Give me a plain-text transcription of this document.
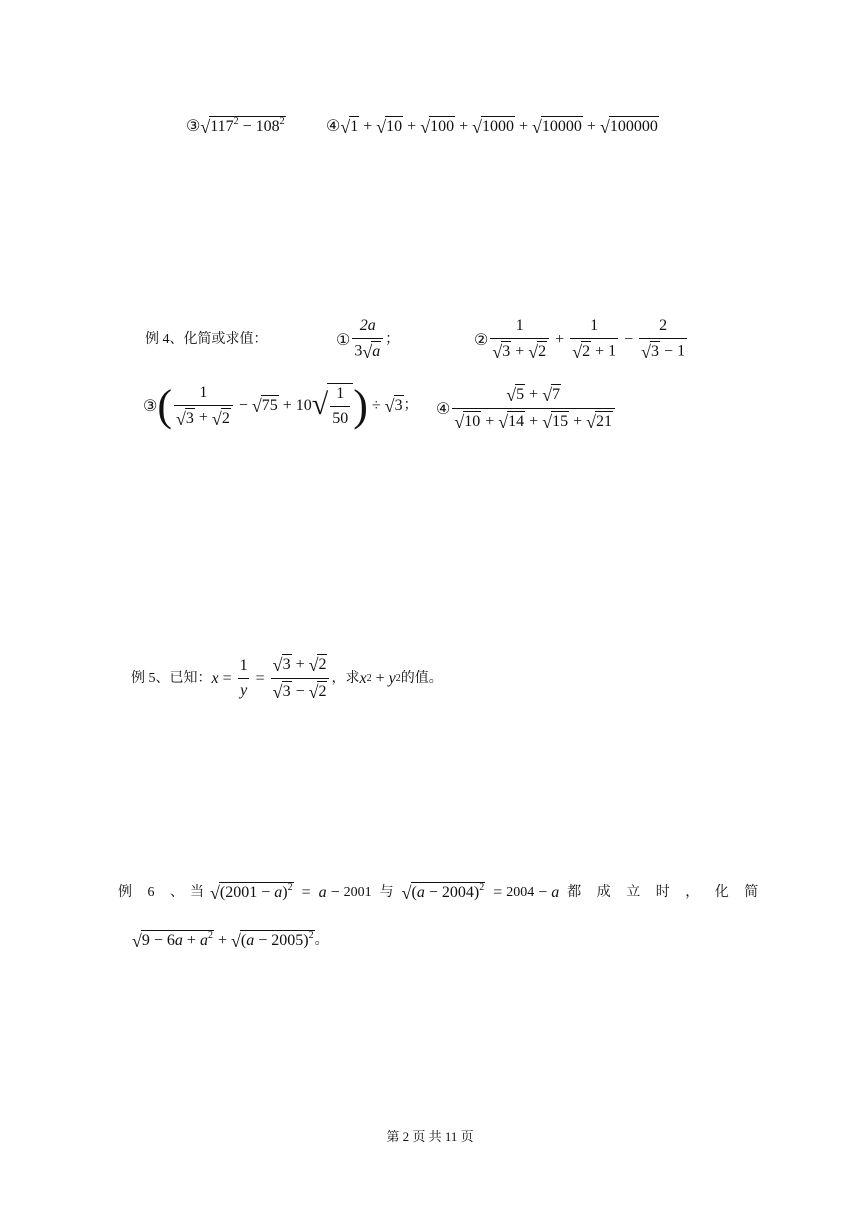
③ √ $117^2 - 108^2$	④ √ 1 + √ 10 + √ 100 + √ 1000 + √ 10000 + √ 100000
例 4、化简或求值：	① $\frac{2a}{3 √ a}$ ；	② $\frac{1}{√ 3 + √ 2} + \frac{1}{√ 2 + 1} - \frac{2}{√ 3 - 1}$
③ ( $\frac{1}{√ 3 + √ 2}$ − √ 75 + 10 √ $\frac{1}{50}$ ) ÷ √ 3 ； ④ $\frac{√ 5 + √ 7}{√ 10 + √ 14 + √ 15 + √ 21}$
例 5、已知： $x = \frac{1}{y} = \frac{√ 3 + √ 2}{√ 3 - √ 2}$ ，求 x 2 + y 2 的值。
例 6 、当 √ $(2001 - a)^2 = a - 2001$ 与 √ $(a - 2004)^2 = 2004 - a$ 都 成 立 时 ， 化 简
√ $9 - 6a + a^2$ + √ $(a - 2005)^2$ 。
第 2 页 共 11 页
